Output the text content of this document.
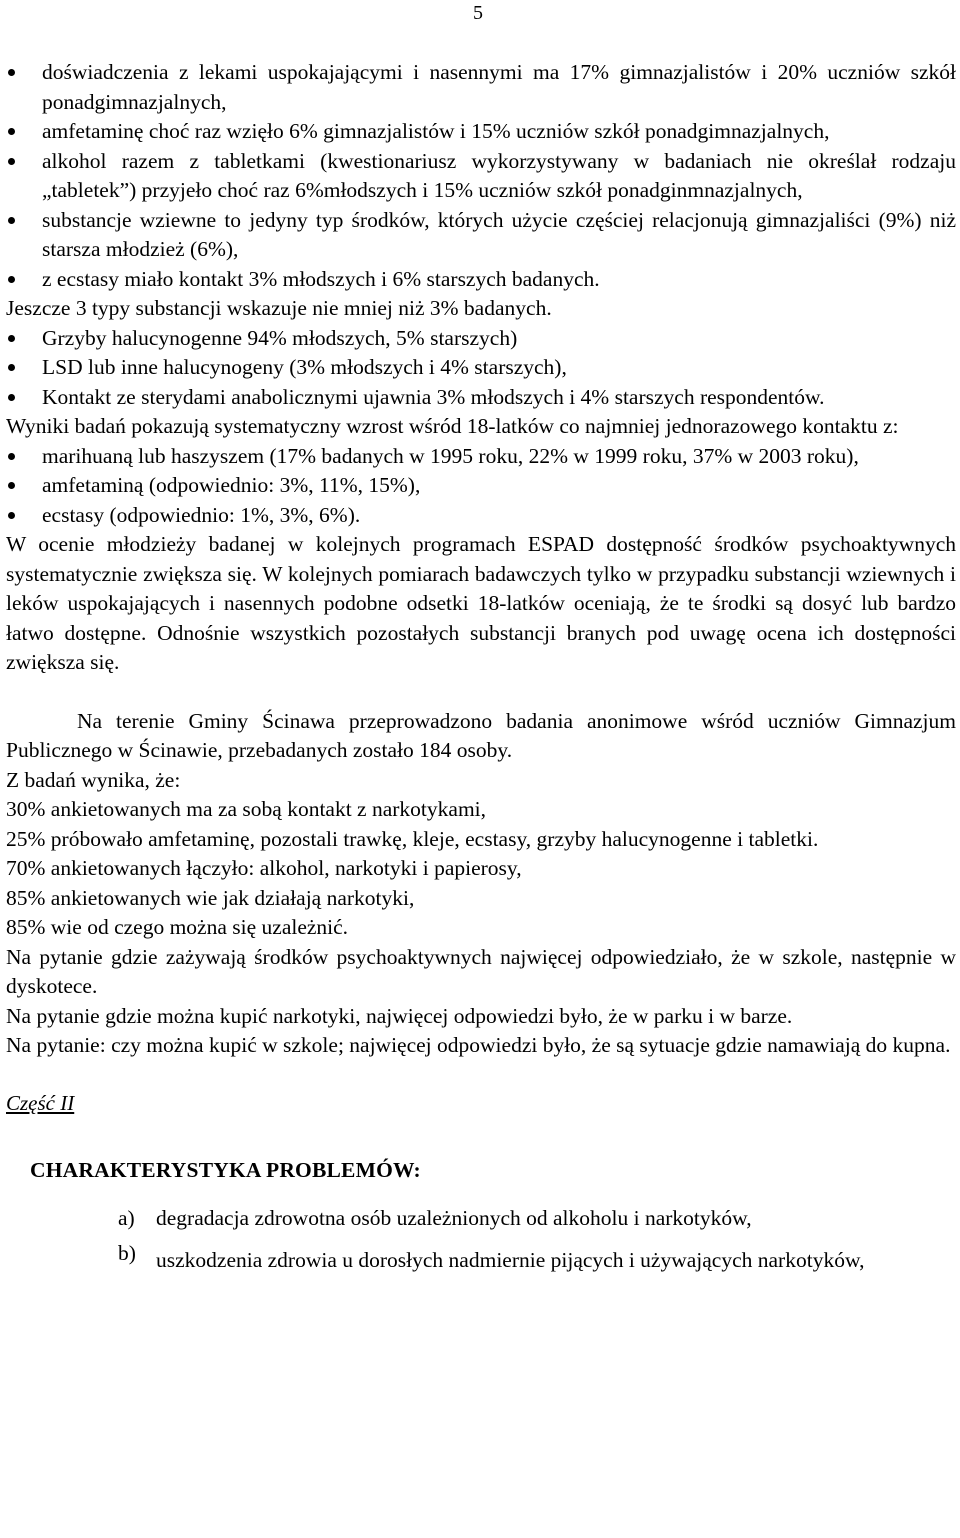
5
doświadczenia z lekami uspokajającymi i nasennymi ma 17% gimnazjalistów i 20% uczniów szkół ponadgimnazjalnych,
amfetaminę choć raz wzięło 6% gimnazjalistów i 15% uczniów szkół ponadgimnazjalnych,
alkohol razem z tabletkami (kwestionariusz wykorzystywany w badaniach nie określał rodzaju „tabletek”) przyjeło choć raz 6%młodszych i 15% uczniów szkół ponadginmnazjalnych,
substancje wziewne to jedyny typ środków, których użycie częściej relacjonują gimnazjaliści (9%) niż starsza młodzież (6%),
z ecstasy miało kontakt 3% młodszych i 6% starszych badanych.

Jeszcze 3 typy substancji wskazuje nie mniej niż 3% badanych.

Grzyby halucynogenne 94% młodszych, 5% starszych)
LSD lub inne halucynogeny (3% młodszych i 4% starszych),
Kontakt ze sterydami anabolicznymi ujawnia 3% młodszych i 4% starszych respondentów.

Wyniki badań pokazują systematyczny wzrost wśród 18-latków co najmniej jednorazowego kontaktu z:

marihuaną lub haszyszem (17% badanych w 1995 roku, 22% w 1999 roku, 37% w 2003 roku),
amfetaminą (odpowiednio: 3%, 11%, 15%),
ecstasy (odpowiednio: 1%, 3%, 6%).

W ocenie młodzieży badanej w kolejnych programach ESPAD dostępność środków psychoaktywnych systematycznie zwiększa się. W kolejnych pomiarach badawczych tylko w przypadku substancji wziewnych i leków uspokajających i nasennych podobne odsetki 18-latków oceniają, że te środki są dosyć lub bardzo łatwo dostępne. Odnośnie wszystkich pozostałych substancji branych pod uwagę ocena ich dostępności zwiększa się.

Na terenie Gminy Ścinawa przeprowadzono badania anonimowe wśród uczniów Gimnazjum Publicznego w Ścinawie, przebadanych zostało 184 osoby.

Z badań wynika, że:

30% ankietowanych ma za sobą kontakt z narkotykami,

25% próbowało amfetaminę, pozostali trawkę, kleje, ecstasy, grzyby halucynogenne i tabletki.

70% ankietowanych łączyło: alkohol, narkotyki i papierosy,

85% ankietowanych wie jak działają narkotyki,

85% wie od czego można się uzależnić.

Na pytanie gdzie zażywają środków psychoaktywnych najwięcej odpowiedziało, że w szkole, następnie w dyskotece.

Na pytanie gdzie można kupić narkotyki, najwięcej odpowiedzi było, że w parku i w barze.

Na pytanie: czy można kupić w szkole; najwięcej odpowiedzi było, że są sytuacje gdzie namawiają do kupna.

Część II

CHARAKTERYSTYKA PROBLEMÓW:

a) degradacja zdrowotna osób uzależnionych od alkoholu i narkotyków,
b) uszkodzenia zdrowia u dorosłych nadmiernie pijących i używających narkotyków,
